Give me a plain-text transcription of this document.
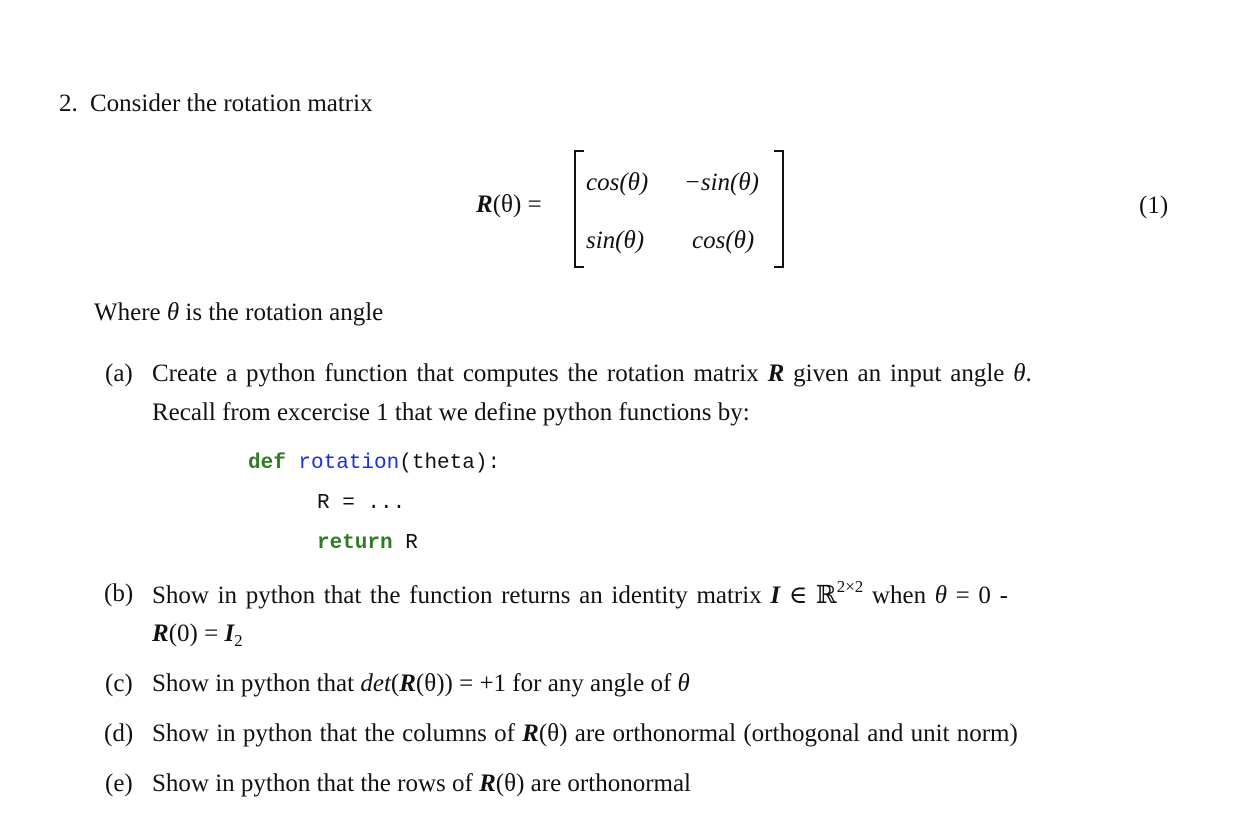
2. Consider the rotation matrix
R(θ) =
cos(θ) −sin(θ)
sin(θ) cos(θ)
(1)
Where θ is the rotation angle
(a) Create a python function that computes the rotation matrix R given an input angle θ.
Recall from excercise 1 that we define python functions by:
def rotation(theta):
R = ...
return R
(b) Show in python that the function returns an identity matrix I ∈ ℝ$^{2\times 2}$ when θ = 0 -
$R(0) = I_2$
(c) Show in python that det(R(θ)) = +1 for any angle of θ
(d) Show in python that the columns of R(θ) are orthonormal (orthogonal and unit norm)
(e) Show in python that the rows of R(θ) are orthonormal
